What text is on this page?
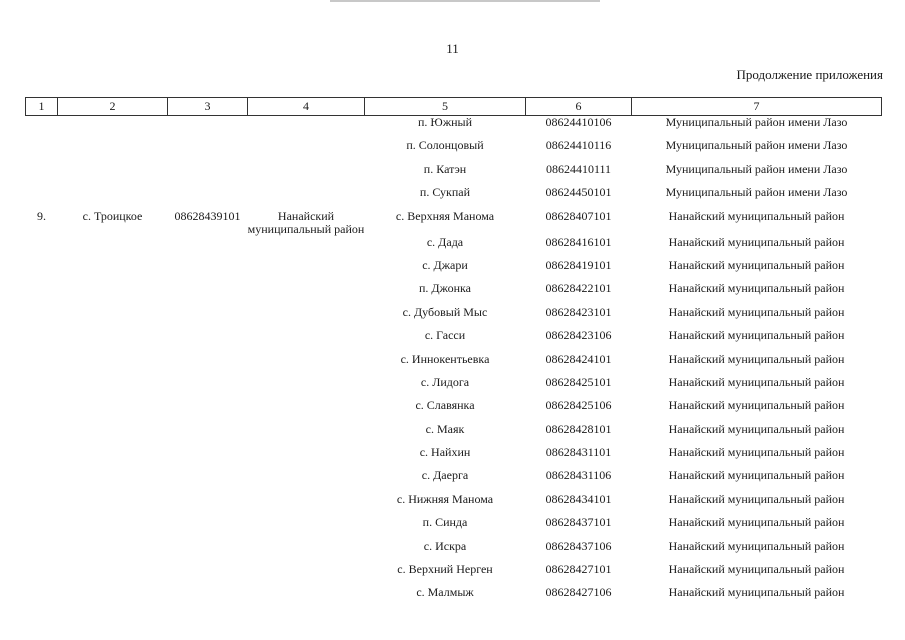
11
Продолжение приложения
1	2	3	4	5	6	7
				п. Южный	08624410106	Муниципальный район имени Лазо
				п. Солонцовый	08624410116	Муниципальный район имени Лазо
				п. Катэн	08624410111	Муниципальный район имени Лазо
				п. Сукпай	08624450101	Муниципальный район имени Лазо
9.	с. Троицкое	08628439101	Нанайский муниципальный район	с. Верхняя Манома	08628407101	Нанайский муниципальный район
				с. Дада	08628416101	Нанайский муниципальный район
				с. Джари	08628419101	Нанайский муниципальный район
				п. Джонка	08628422101	Нанайский муниципальный район
				с. Дубовый Мыс	08628423101	Нанайский муниципальный район
				с. Гасси	08628423106	Нанайский муниципальный район
				с. Иннокентьевка	08628424101	Нанайский муниципальный район
				с. Лидога	08628425101	Нанайский муниципальный район
				с. Славянка	08628425106	Нанайский муниципальный район
				с. Маяк	08628428101	Нанайский муниципальный район
				с. Найхин	08628431101	Нанайский муниципальный район
				с. Даерга	08628431106	Нанайский муниципальный район
				с. Нижняя Манома	08628434101	Нанайский муниципальный район
				п. Синда	08628437101	Нанайский муниципальный район
				с. Искра	08628437106	Нанайский муниципальный район
				с. Верхний Нерген	08628427101	Нанайский муниципальный район
				с. Малмыж	08628427106	Нанайский муниципальный район
